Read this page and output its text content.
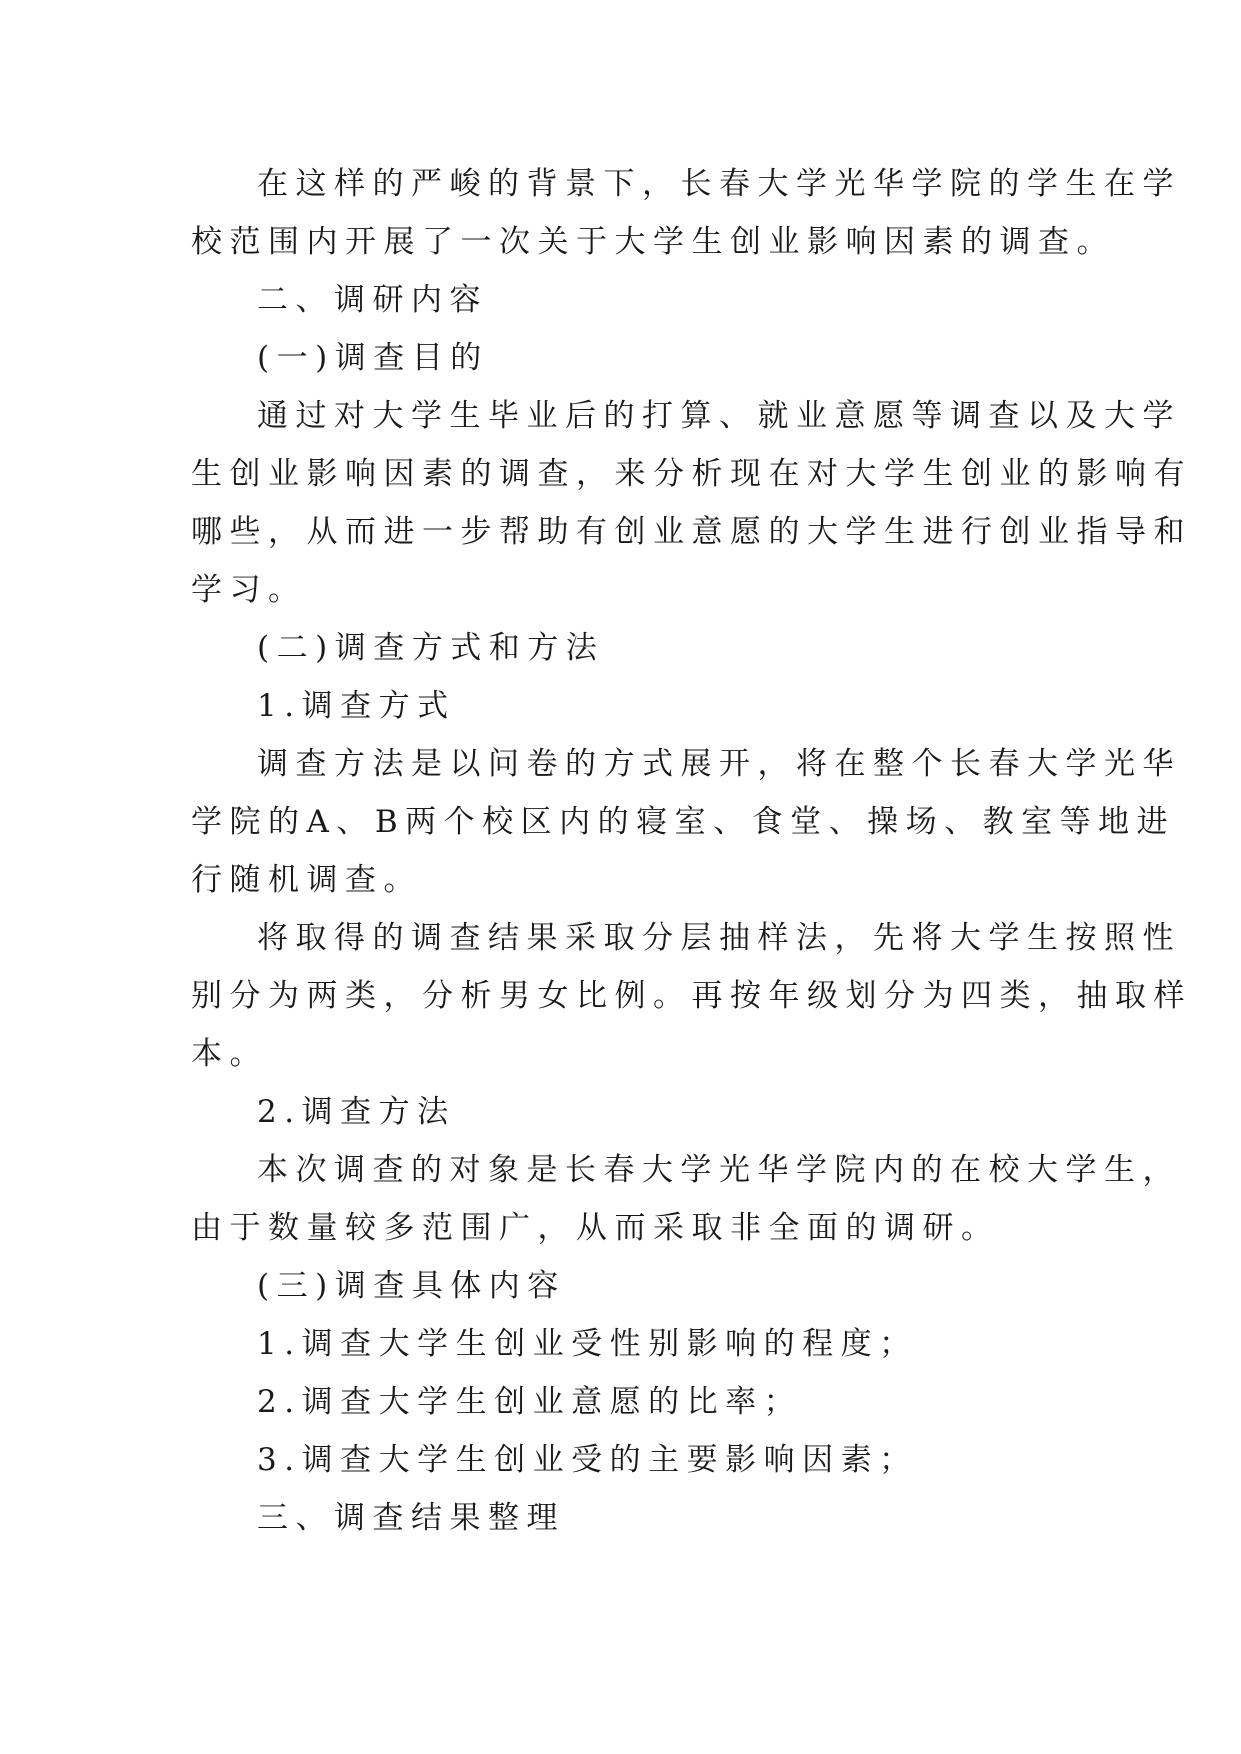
在这样的严峻的背景下，长春大学光华学院的学生在学
校范围内开展了一次关于大学生创业影响因素的调查。
二、调研内容
(一)调查目的
通过对大学生毕业后的打算、就业意愿等调查以及大学
生创业影响因素的调查，来分析现在对大学生创业的影响有
哪些，从而进一步帮助有创业意愿的大学生进行创业指导和
学习。
(二)调查方式和方法
1.调查方式
调查方法是以问卷的方式展开，将在整个长春大学光华
学院的A、B两个校区内的寝室、食堂、操场、教室等地进
行随机调查。
将取得的调查结果采取分层抽样法，先将大学生按照性
别分为两类，分析男女比例。再按年级划分为四类，抽取样
本。
2.调查方法
本次调查的对象是长春大学光华学院内的在校大学生，
由于数量较多范围广，从而采取非全面的调研。
(三)调查具体内容
1.调查大学生创业受性别影响的程度；
2.调查大学生创业意愿的比率；
3.调查大学生创业受的主要影响因素；
三、调查结果整理
